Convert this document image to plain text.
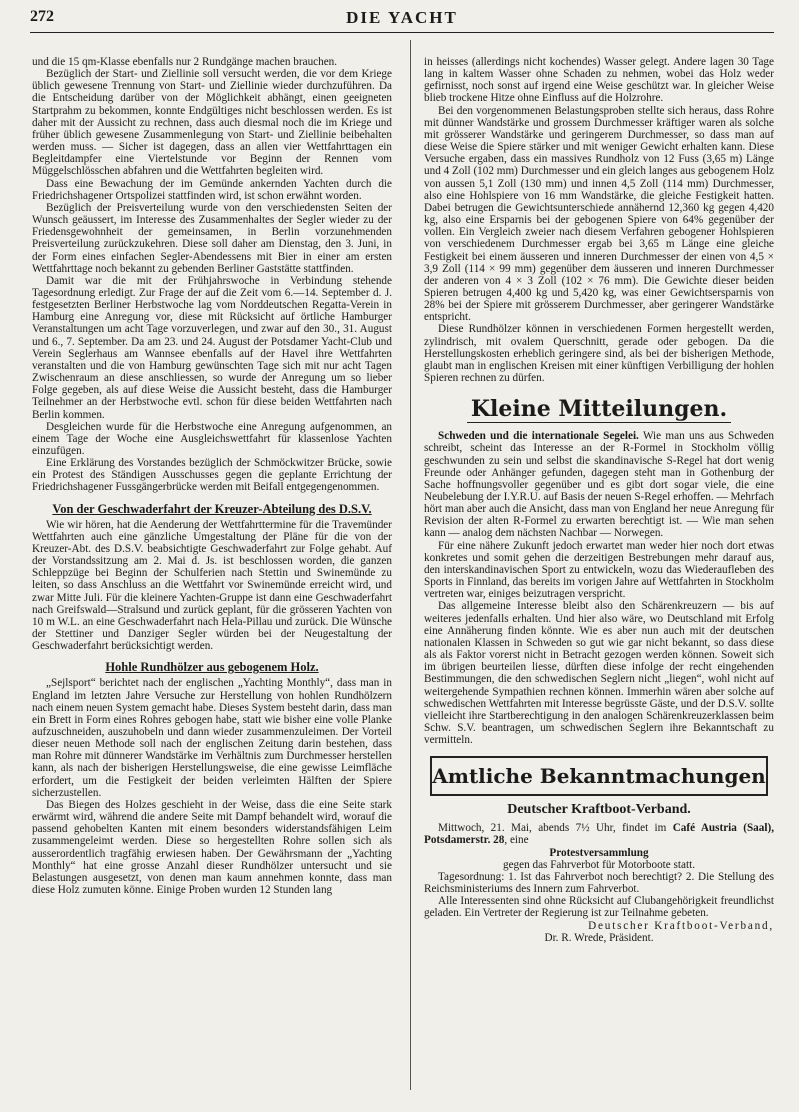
272	DIE YACHT

und die 15 qm-Klasse ebenfalls nur 2 Rundgänge machen brauchen.

Bezüglich der Start- und Ziellinie soll versucht werden, die vor dem Kriege üblich gewesene Trennung von Start- und Ziellinie wieder durchzuführen. Da die Entscheidung darüber von der Möglichkeit abhängt, einen geeigneten Startprahm zu bekommen, konnte Endgültiges nicht beschlossen werden. Es ist daher mit der Aussicht zu rechnen, dass auch diesmal noch die im Kriege und früher üblich gewesene Zusammenlegung von Start- und Ziellinie beibehalten werden muss. — Sicher ist dagegen, dass an allen vier Wettfahrttagen ein Begleitdampfer eine Viertelstunde vor Beginn der Rennen vom Müggelschlösschen abfahren und die Wettfahrten begleiten wird.

Dass eine Bewachung der im Gemünde ankernden Yachten durch die Friedrichshagener Ortspolizei stattfinden wird, ist schon erwähnt worden.

Bezüglich der Preisverteilung wurde von den verschiedensten Seiten der Wunsch geäussert, im Interesse des Zusammenhaltes der Segler wieder zu der Friedensgewohnheit der gemeinsamen, in Berlin vorzunehmenden Preisverteilung zurückzukehren. Diese soll daher am Dienstag, den 3. Juni, in der Form eines einfachen Segler-Abendessens mit Bier in einer am ersten Wettfahrttage noch bekannt zu gebenden Berliner Gaststätte stattfinden.

Damit war die mit der Frühjahrswoche in Verbindung stehende Tagesordnung erledigt. Zur Frage der auf die Zeit vom 6.—14. September d. J. festgesetzten Berliner Herbstwoche lag vom Norddeutschen Regatta-Verein in Hamburg eine Anregung vor, diese mit Rücksicht auf örtliche Hamburger Veranstaltungen um acht Tage vorzuverlegen, und zwar auf den 30., 31. August und 6., 7. September. Da am 23. und 24. August der Potsdamer Yacht-Club und Verein Seglerhaus am Wannsee ebenfalls auf der Havel ihre Wettfahrten veranstalten und die von Hamburg gewünschten Tage sich mit nur acht Tagen Zwischenraum an diese anschliessen, so wurde der Anregung um so lieber Folge gegeben, als auf diese Weise die Aussicht besteht, dass die Hamburger Teilnehmer an der Herbstwoche evtl. schon für diese beiden Wettfahrten nach Berlin kommen.

Desgleichen wurde für die Herbstwoche eine Anregung aufgenommen, an einem Tage der Woche eine Ausgleichswettfahrt für klassenlose Yachten einzufügen.

Eine Erklärung des Vorstandes bezüglich der Schmöckwitzer Brücke, sowie ein Protest des Ständigen Ausschusses gegen die geplante Errichtung der Friedrichshagener Fussgängerbrücke werden mit Beifall entgegengenommen.

Von der Geschwaderfahrt der Kreuzer-Abteilung des D.S.V.

Wie wir hören, hat die Aenderung der Wettfahrttermine für die Travemünder Wettfahrten auch eine gänzliche Umgestaltung der Pläne für die von der Kreuzer-Abt. des D.S.V. beabsichtigte Geschwaderfahrt zur Folge gehabt. Auf der Vorstandssitzung am 2. Mai d. Js. ist beschlossen worden, die ganzen Schleppzüge bei Beginn der Schulferien nach Stettin und Swinemünde zu leiten, so dass Anschluss an die Wettfahrt vor Swinemünde erreicht wird, und zwar Mitte Juli. Für die kleinere Yachten-Gruppe ist dann eine Geschwaderfahrt nach Greifswald—Stralsund und zurück geplant, für die grösseren Yachten von 10 m W.L. an eine Geschwaderfahrt nach Hela-Pillau und zurück. Die Wünsche der Stettiner und Danziger Segler würden bei der Neugestaltung der Geschwaderfahrt berücksichtigt werden.

Hohle Rundhölzer aus gebogenem Holz.

„Sejlsport“ berichtet nach der englischen „Yachting Monthly“, dass man in England im letzten Jahre Versuche zur Herstellung von hohlen Rundhölzern nach einem neuen System gemacht habe. Dieses System besteht darin, dass man ein Brett in Form eines Rohres gebogen habe, statt wie bisher eine volle Planke aufzuschneiden, auszuhobeln und dann wieder zusammenzuleimen. Der Vorteil dieser neuen Methode soll nach der englischen Zeitung darin bestehen, dass man Rohre mit dünnerer Wandstärke im Verhältnis zum Durchmesser herstellen kann, als nach der bisherigen Herstellungsweise, die eine gewisse Leimfläche erfordert, um die Festigkeit der beiden verleimten Hälften der Spiere sicherzustellen.

Das Biegen des Holzes geschieht in der Weise, dass die eine Seite stark erwärmt wird, während die andere Seite mit Dampf behandelt wird, worauf die passend gehobelten Kanten mit einem besonders widerstandsfähigen Leim zusammengeleimt werden. Diese so hergestellten Rohre sollen sich als ausserordentlich tragfähig erwiesen haben. Der Gewährsmann der „Yachting Monthly“ hat eine grosse Anzahl dieser Rundhölzer untersucht und sie Belastungen ausgesetzt, von denen man kaum annehmen konnte, dass man diese Holz zumuten könne. Einige Proben wurden 12 Stunden lang

in heisses (allerdings nicht kochendes) Wasser gelegt. Andere lagen 30 Tage lang in kaltem Wasser ohne Schaden zu nehmen, wobei das Holz weder gefirnisst, noch sonst auf irgend eine Weise geschützt war. In gleicher Weise blieb trockene Hitze ohne Einfluss auf die Holzrohre.

Bei den vorgenommenen Belastungsproben stellte sich heraus, dass Rohre mit dünner Wandstärke und grossem Durchmesser kräftiger waren als solche mit grösserer Wandstärke und geringerem Durchmesser, so dass man auf diese Weise die Spiere stärker und mit weniger Gewicht erhalten kann. Diese Versuche ergaben, dass ein massives Rundholz von 12 Fuss (3,65 m) Länge und 4 Zoll (102 mm) Durchmesser und ein gleich langes aus gebogenem Holz von aussen 5,1 Zoll (130 mm) und innen 4,5 Zoll (114 mm) Durchmesser, also eine Hohlspiere von 16 mm Wandstärke, die gleiche Festigkeit hatten. Dabei betrugen die Gewichtsunterschiede annähernd 12,360 kg gegen 4,420 kg, also eine Ersparnis bei der gebogenen Spiere von 64% gegenüber der vollen. Ein Vergleich zweier nach diesem Verfahren gebogener Hohlspieren von verschiedenem Durchmesser ergab bei 3,65 m Länge eine gleiche Festigkeit bei einem äusseren und inneren Durchmesser der einen von 4,5 × 3,9 Zoll (114 × 99 mm) gegenüber dem äusseren und inneren Durchmesser der anderen von 4 × 3 Zoll (102 × 76 mm). Die Gewichte dieser beiden Spieren betrugen 4,400 kg und 5,420 kg, was einer Gewichtsersparnis von 28% bei der Spiere mit grösserem Durchmesser, aber geringerer Wandstärke entspricht.

Diese Rundhölzer können in verschiedenen Formen hergestellt werden, zylindrisch, mit ovalem Querschnitt, gerade oder gebogen. Da die Herstellungskosten erheblich geringere sind, als bei der bisherigen Methode, glaubt man in englischen Kreisen mit einer künftigen Verbilligung der hohlen Spieren rechnen zu dürfen.

Kleine Mitteilungen.

Schweden und die internationale Segelei. Wie man uns aus Schweden schreibt, scheint das Interesse an der R-Formel in Stockholm völlig geschwunden zu sein und selbst die skandinavische S-Regel hat dort wenig Freunde oder Anhänger gefunden, dagegen steht man in Gothenburg der Sache hoffnungsvoller gegenüber und es gibt dort sogar viele, die eine Neubelebung der I.Y.R.U. auf Basis der neuen S-Regel erhoffen. — Mehrfach hört man aber auch die Ansicht, dass man von England her neue Anregung für Revision der alten R-Formel zu erwarten berechtigt ist. — Wie man sehen kann — analog dem nächsten Nachbar — Norwegen.

Für eine nähere Zukunft jedoch erwartet man weder hier noch dort etwas konkretes und somit gehen die derzeitigen Bestrebungen mehr darauf aus, den interskandinavischen Sport zu entwickeln, wozu das Wiederaufleben des Sports in Finnland, das bereits im vorigen Jahre auf Wettfahrten in Stockholm vertreten war, einiges beizutragen verspricht.

Das allgemeine Interesse bleibt also den Schärenkreuzern — bis auf weiteres jedenfalls erhalten. Und hier also wäre, wo Deutschland mit Erfolg eine Annäherung finden könnte. Wie es aber nun auch mit der deutschen nationalen Klassen in Schweden so gut wie gar nicht bekannt, so dass diese als als Faktor vorerst nicht in Betracht gezogen werden können. Soweit sich im übrigen beurteilen liesse, dürften diese infolge der recht eingehenden Bestimmungen, die den schwedischen Seglern nicht „liegen“, wohl nicht auf weitergehende Sympathien rechnen können. Immerhin wären aber solche auf schwedischen Wettfahrten mit Interesse begrüsste Gäste, und der D.S.V. sollte vielleicht ihre Startberechtigung in den analogen Schärenkreuzerklassen beim Schw. S.V. beantragen, um schwedischen Seglern ihre Bekanntschaft zu vermitteln.

Amtliche Bekanntmachungen
Deutscher Kraftboot-Verband.

Mittwoch, 21. Mai, abends 7½ Uhr, findet im Café Austria (Saal), Potsdamerstr. 28, eine

Protestversammlung

gegen das Fahrverbot für Motorboote statt.

Tagesordnung: 1. Ist das Fahrverbot noch berechtigt? 2. Die Stellung des Reichsministeriums des Innern zum Fahrverbot.

Alle Interessenten sind ohne Rücksicht auf Clubangehörigkeit freundlichst geladen. Ein Vertreter der Regierung ist zur Teilnahme gebeten.

Deutscher Kraftboot-Verband,

Dr. R. Wrede, Präsident.
